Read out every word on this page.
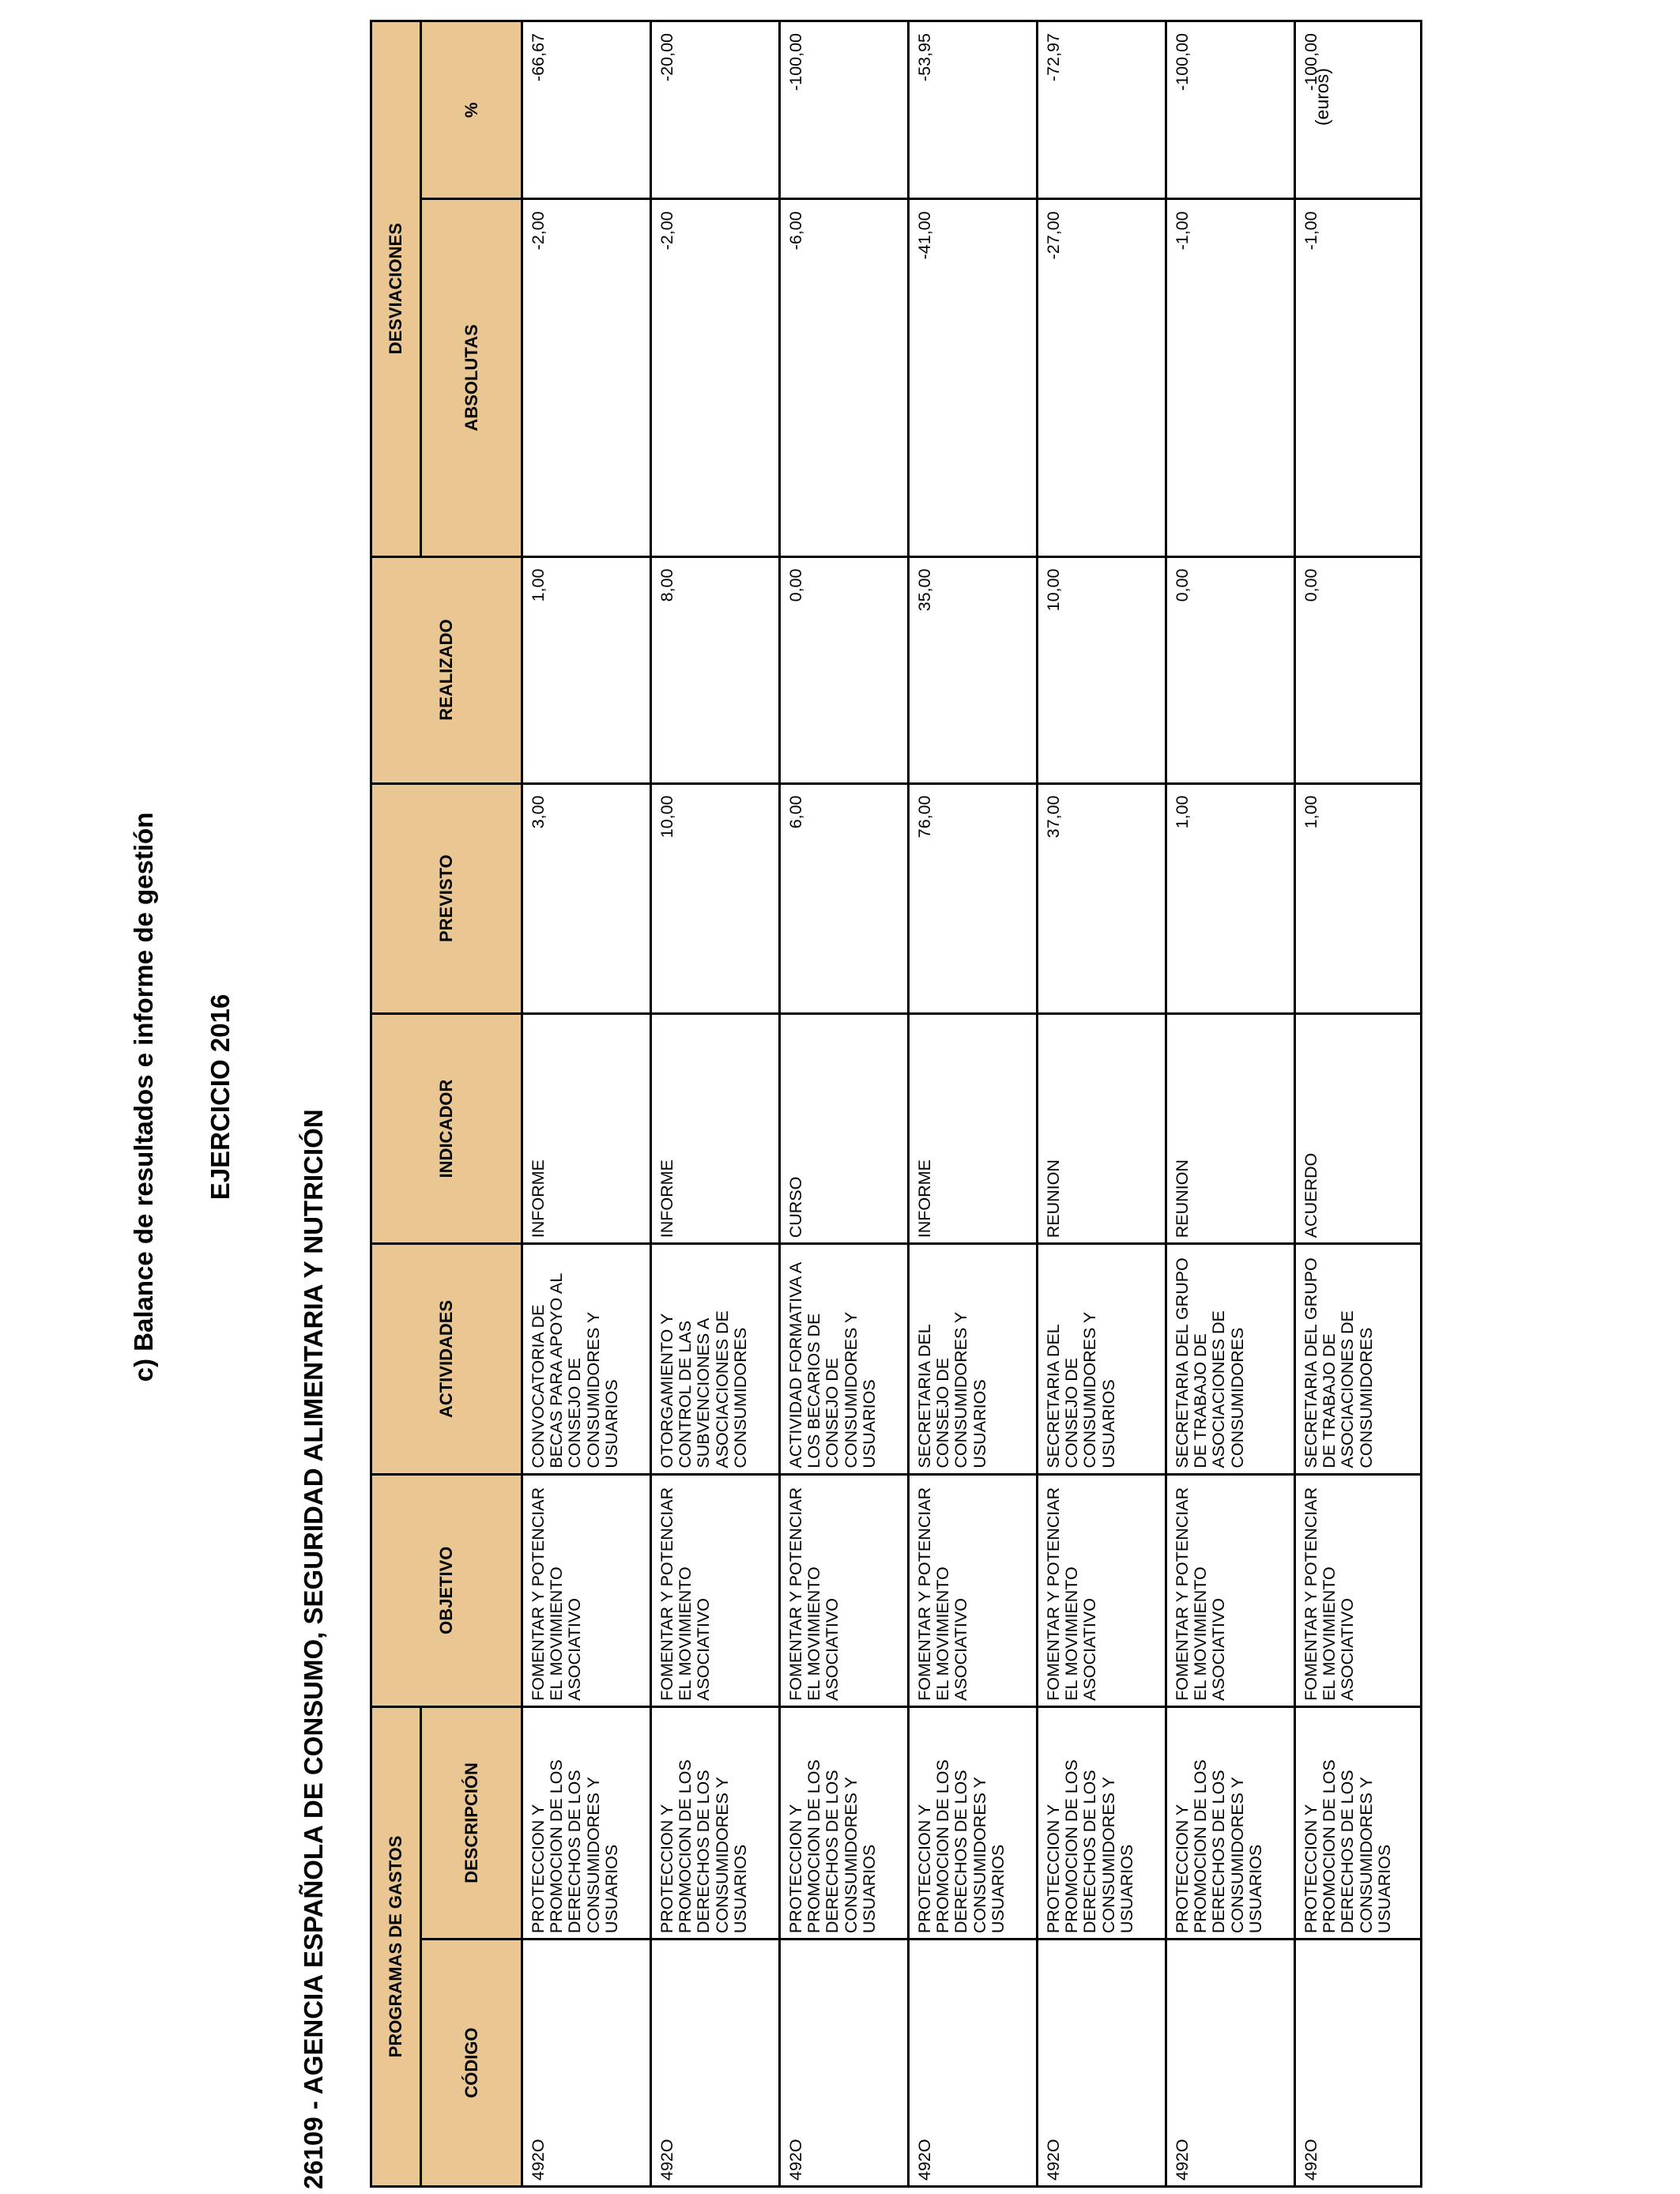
c) Balance de resultados e informe de gestión EJERCICIO 2016
26109 - AGENCIA ESPAÑOLA DE CONSUMO, SEGURIDAD ALIMENTARIA Y NUTRICIÓN
(euros)
PROGRAMAS DE GASTOS		OBJETIVO	ACTIVIDADES	INDICADOR	PREVISTO	REALIZADO	DESVIACIONES	
CÓDIGO	DESCRIPCIÓN						ABSOLUTAS	%
492O	PROTECCION Y PROMOCION DE LOS DERECHOS DE LOS CONSUMIDORES Y USUARIOS	FOMENTAR Y POTENCIAR EL MOVIMIENTO ASOCIATIVO	CONVOCATORIA DE BECAS PARA APOYO AL CONSEJO DE CONSUMIDORES Y USUARIOS	INFORME	3,00	1,00	-2,00	-66,67
492O	PROTECCION Y PROMOCION DE LOS DERECHOS DE LOS CONSUMIDORES Y USUARIOS	FOMENTAR Y POTENCIAR EL MOVIMIENTO ASOCIATIVO	OTORGAMIENTO Y CONTROL DE LAS SUBVENCIONES A ASOCIACIONES DE CONSUMIDORES	INFORME	10,00	8,00	-2,00	-20,00
492O	PROTECCION Y PROMOCION DE LOS DERECHOS DE LOS CONSUMIDORES Y USUARIOS	FOMENTAR Y POTENCIAR EL MOVIMIENTO ASOCIATIVO	ACTIVIDAD FORMATIVA A LOS BECARIOS DE CONSEJO DE CONSUMIDORES Y USUARIOS	CURSO	6,00	0,00	-6,00	-100,00
492O	PROTECCION Y PROMOCION DE LOS DERECHOS DE LOS CONSUMIDORES Y USUARIOS	FOMENTAR Y POTENCIAR EL MOVIMIENTO ASOCIATIVO	SECRETARIA DEL CONSEJO DE CONSUMIDORES Y USUARIOS	INFORME	76,00	35,00	-41,00	-53,95
492O	PROTECCION Y PROMOCION DE LOS DERECHOS DE LOS CONSUMIDORES Y USUARIOS	FOMENTAR Y POTENCIAR EL MOVIMIENTO ASOCIATIVO	SECRETARIA DEL CONSEJO DE CONSUMIDORES Y USUARIOS	REUNION	37,00	10,00	-27,00	-72,97
492O	PROTECCION Y PROMOCION DE LOS DERECHOS DE LOS CONSUMIDORES Y USUARIOS	FOMENTAR Y POTENCIAR EL MOVIMIENTO ASOCIATIVO	SECRETARIA DEL GRUPO DE TRABAJO DE ASOCIACIONES DE CONSUMIDORES	REUNION	1,00	0,00	-1,00	-100,00
492O	PROTECCION Y PROMOCION DE LOS DERECHOS DE LOS CONSUMIDORES Y USUARIOS	FOMENTAR Y POTENCIAR EL MOVIMIENTO ASOCIATIVO	SECRETARIA DEL GRUPO DE TRABAJO DE ASOCIACIONES DE CONSUMIDORES	ACUERDO	1,00	0,00	-1,00	-100,00
